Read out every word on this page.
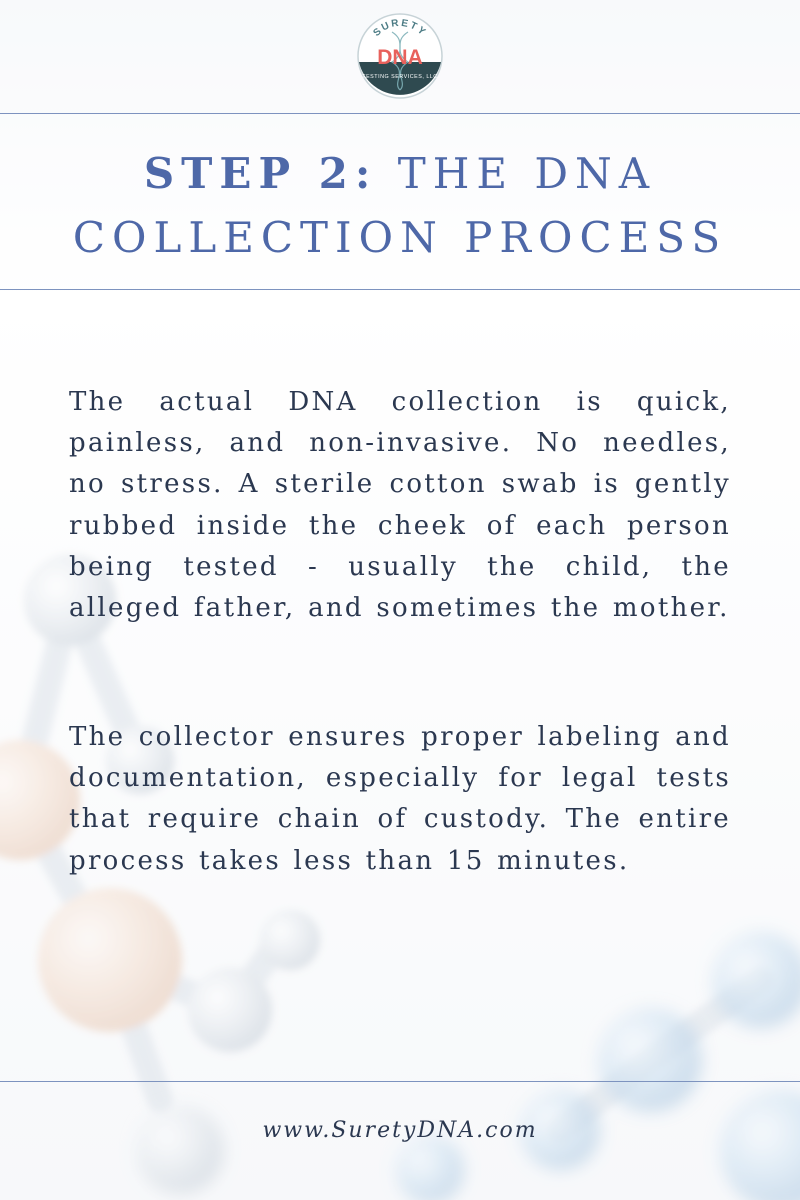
SURETY
DNA
TESTING SERVICES, LLC
STEP 2: THE DNA COLLECTION PROCESS
The actual DNA collection is quick, painless, and non-invasive. No needles, no stress. A sterile cotton swab is gently rubbed inside the cheek of each person being tested - usually the child, the alleged father, and sometimes the mother.
The collector ensures proper labeling and documentation, especially for legal tests that require chain of custody. The entire process takes less than 15 minutes.
www.SuretyDNA.com
